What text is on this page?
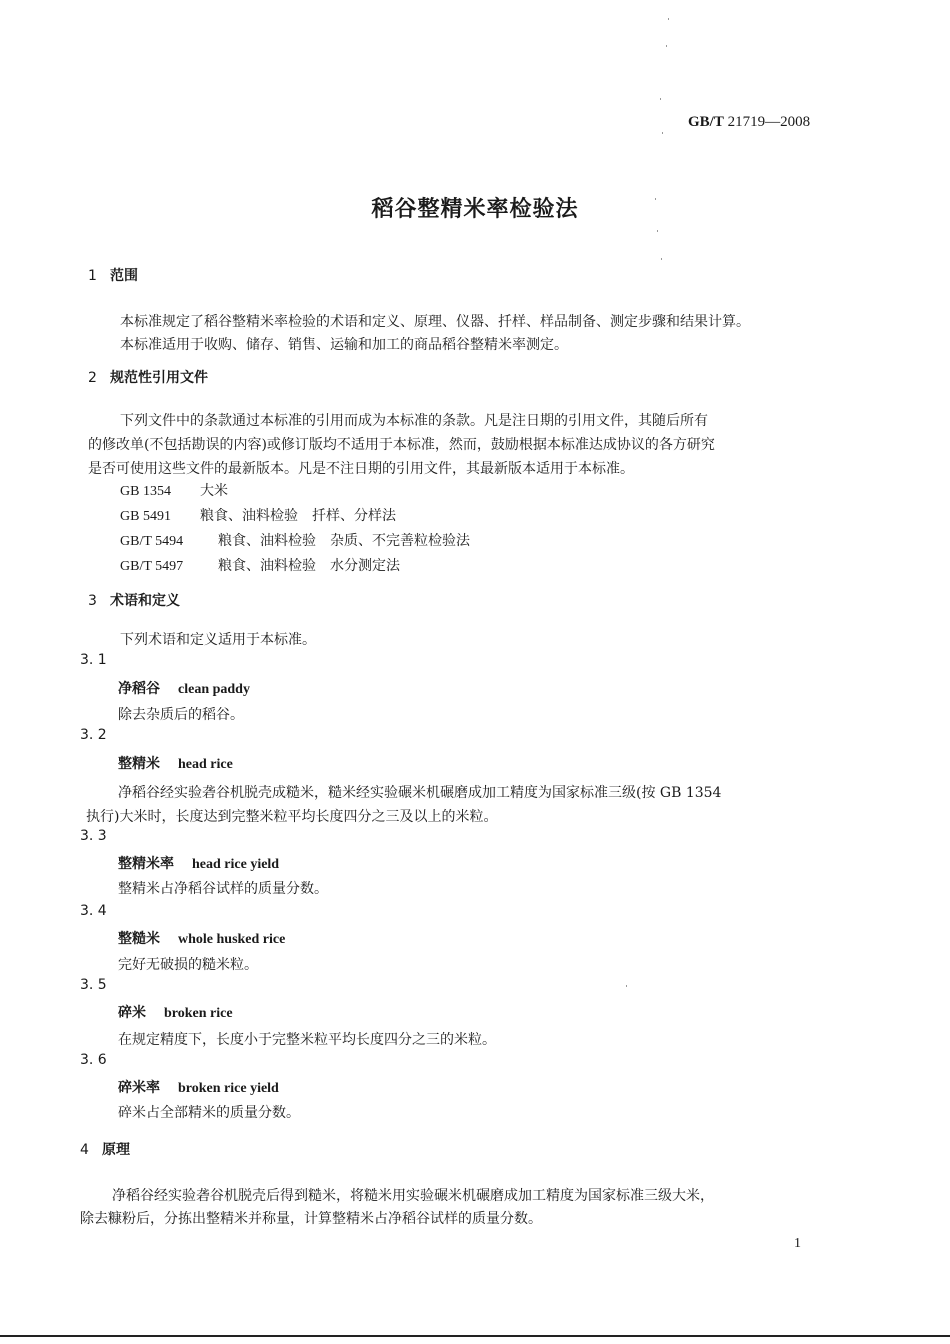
GB/T 21719—2008
稻谷整精米率检验法
1 范围
本标准规定了稻谷整精米率检验的术语和定义、原理、仪器、扦样、样品制备、测定步骤和结果计算。
本标准适用于收购、储存、销售、运输和加工的商品稻谷整精米率测定。
2 规范性引用文件
下列文件中的条款通过本标准的引用而成为本标准的条款。凡是注日期的引用文件，其随后所有
的修改单(不包括勘误的内容)或修订版均不适用于本标准，然而，鼓励根据本标准达成协议的各方研究
是否可使用这些文件的最新版本。凡是不注日期的引用文件，其最新版本适用于本标准。
GB 1354 大米
GB 5491 粮食、油料检验　扦样、分样法
GB/T 5494 粮食、油料检验　杂质、不完善粒检验法
GB/T 5497 粮食、油料检验　水分测定法
3 术语和定义
下列术语和定义适用于本标准。
3. 1
净稻谷 clean paddy
除去杂质后的稻谷。
3. 2
整精米 head rice
净稻谷经实验砻谷机脱壳成糙米，糙米经实验碾米机碾磨成加工精度为国家标准三级(按 GB 1354
执行)大米时，长度达到完整米粒平均长度四分之三及以上的米粒。
3. 3
整精米率 head rice yield
整精米占净稻谷试样的质量分数。
3. 4
整糙米 whole husked rice
完好无破损的糙米粒。
3. 5
碎米 broken rice
在规定精度下，长度小于完整米粒平均长度四分之三的米粒。
3. 6
碎米率 broken rice yield
碎米占全部精米的质量分数。
4 原理
净稻谷经实验砻谷机脱壳后得到糙米，将糙米用实验碾米机碾磨成加工精度为国家标准三级大米，
除去糠粉后，分拣出整精米并称量，计算整精米占净稻谷试样的质量分数。
1
